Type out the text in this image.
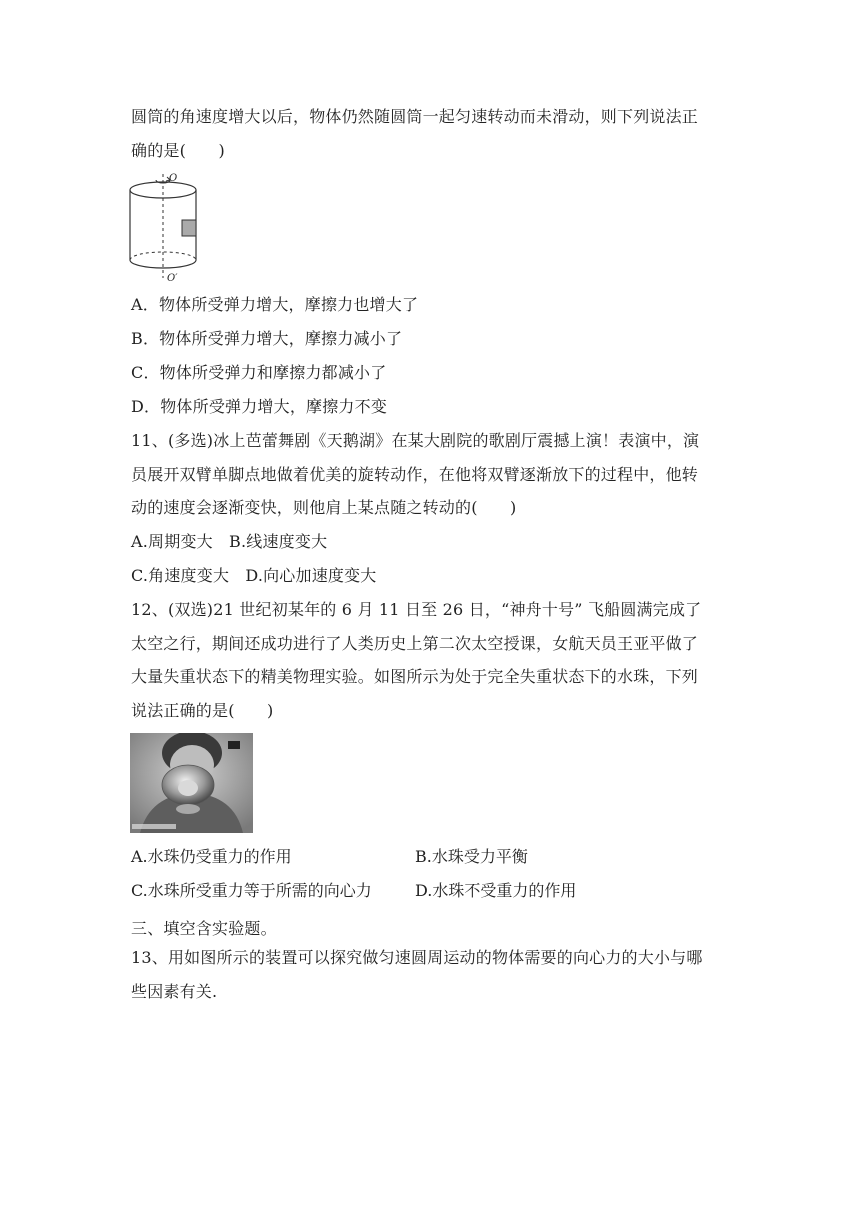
圆筒的角速度增大以后，物体仍然随圆筒一起匀速转动而未滑动，则下列说法正
确的是(　　)
O
O′
A．物体所受弹力增大，摩擦力也增大了
B．物体所受弹力增大，摩擦力减小了
C．物体所受弹力和摩擦力都减小了
D．物体所受弹力增大，摩擦力不变
11、(多选)冰上芭蕾舞剧《天鹅湖》在某大剧院的歌剧厅震撼上演！表演中，演
员展开双臂单脚点地做着优美的旋转动作，在他将双臂逐渐放下的过程中，他转
动的速度会逐渐变快，则他肩上某点随之转动的(　　)
A.周期变大　B.线速度变大
C.角速度变大　D.向心加速度变大
12、(双选)21 世纪初某年的 6 月 11 日至 26 日，“神舟十号” 飞船圆满完成了
太空之行，期间还成功进行了人类历史上第二次太空授课，女航天员王亚平做了
大量失重状态下的精美物理实验。如图所示为处于完全失重状态下的水珠，下列
说法正确的是(　　)
A.水珠仍受重力的作用	B.水珠受力平衡
C.水珠所受重力等于所需的向心力	D.水珠不受重力的作用
三、填空含实验题。
13、用如图所示的装置可以探究做匀速圆周运动的物体需要的向心力的大小与哪
些因素有关.
